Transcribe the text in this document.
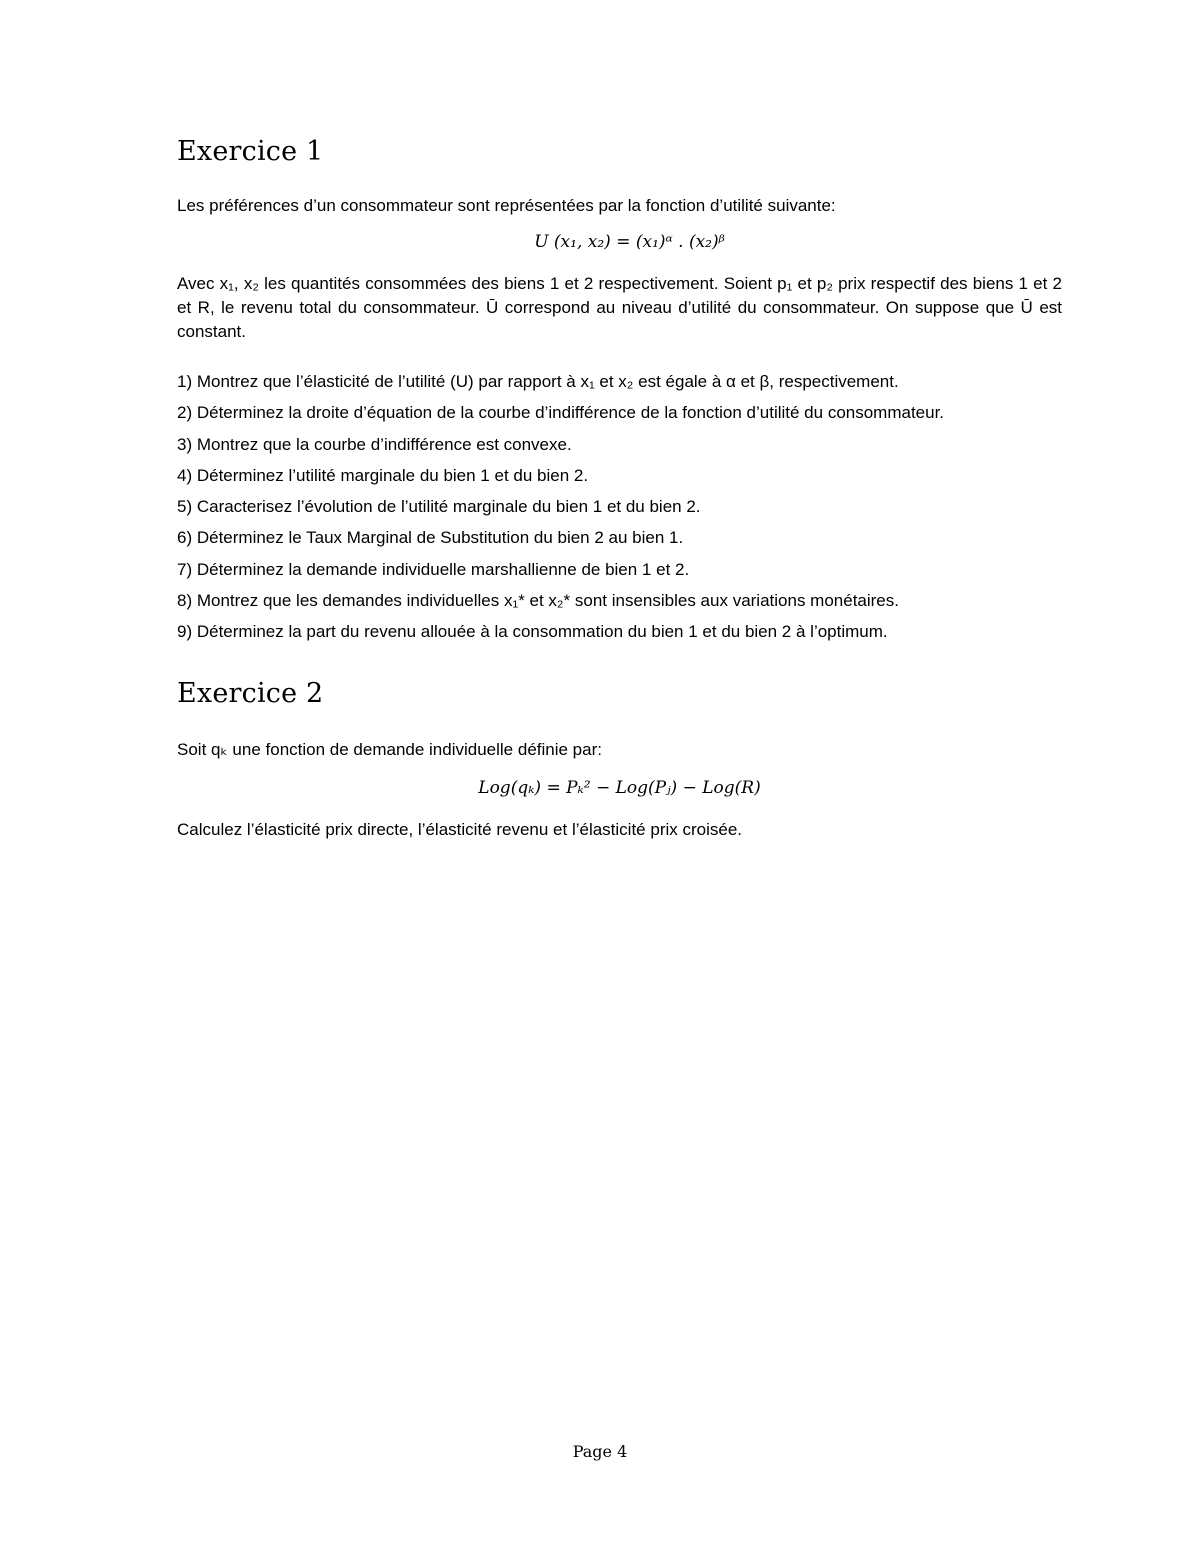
Exercice 1

Les préférences d’un consommateur sont représentées par la fonction d’utilité suivante:

U (x₁, x₂) = (x₁)ᵅ . (x₂)ᵝ

Avec x₁, x₂ les quantités consommées des biens 1 et 2 respectivement. Soient p₁ et p₂ prix respectif des biens 1 et 2 et R, le revenu total du consommateur. Ū correspond au niveau d’utilité du consommateur. On suppose que Ū est constant.

1) Montrez que l’élasticité de l’utilité (U) par rapport à x₁ et x₂ est égale à α et β, respectivement.
2) Déterminez la droite d’équation de la courbe d’indifférence de la fonction d’utilité du consommateur.
3) Montrez que la courbe d’indifférence est convexe.
4) Déterminez l’utilité marginale du bien 1 et du bien 2.
5) Caracterisez l’évolution de l’utilité marginale du bien 1 et du bien 2.
6) Déterminez le Taux Marginal de Substitution du bien 2 au bien 1.
7) Déterminez la demande individuelle marshallienne de bien 1 et 2.
8) Montrez que les demandes individuelles x₁* et x₂* sont insensibles aux variations monétaires.
9) Déterminez la part du revenu allouée à la consommation du bien 1 et du bien 2 à l’optimum.
Exercice 2

Soit qₖ une fonction de demande individuelle définie par:

Log(qₖ) = Pₖ² − Log(Pⱼ) − Log(R)

Calculez l’élasticité prix directe, l’élasticité revenu et l’élasticité prix croisée.

Page 4
